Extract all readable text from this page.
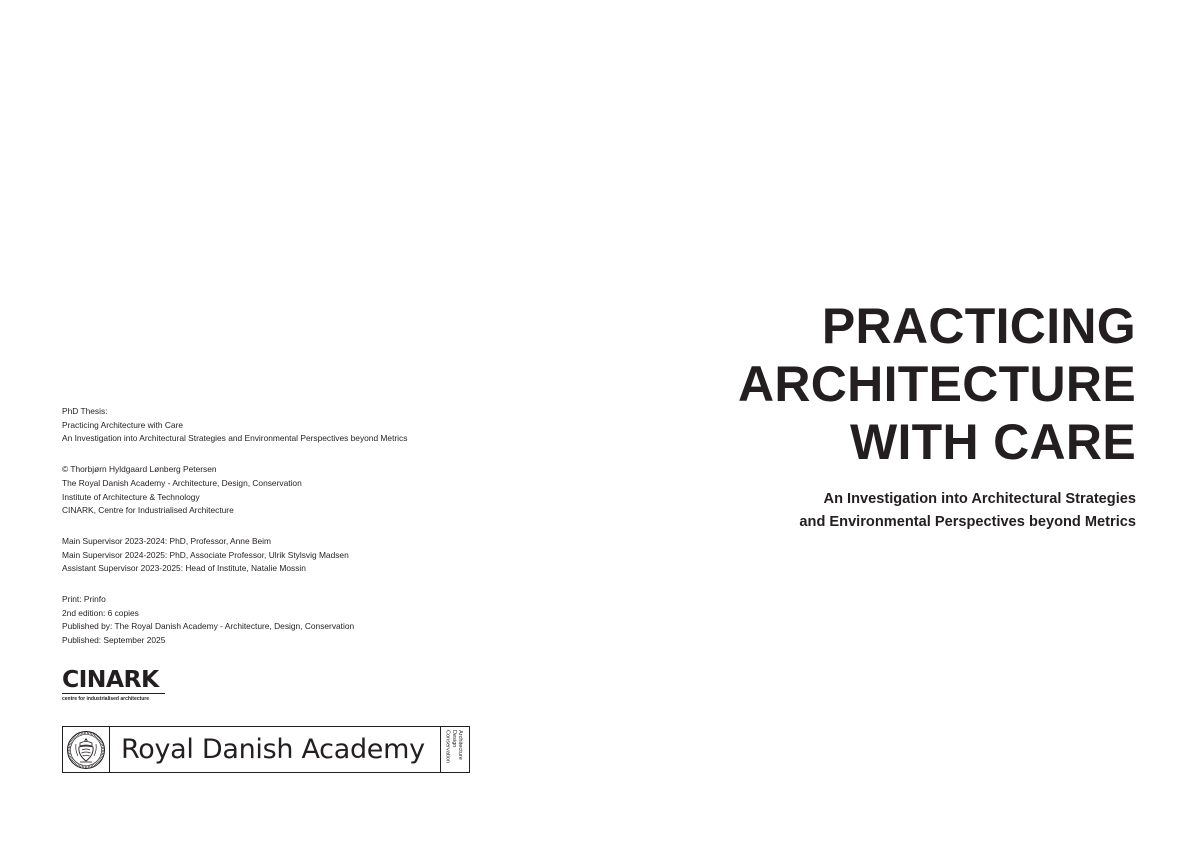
PhD Thesis:
Practicing Architecture with Care
An Investigation into Architectural Strategies and Environmental Perspectives beyond Metrics
© Thorbjørn Hyldgaard Lønberg Petersen
The Royal Danish Academy - Architecture, Design, Conservation
Institute of Architecture & Technology
CINARK, Centre for Industrialised Architecture
Main Supervisor 2023-2024: PhD, Professor, Anne Beim
Main Supervisor 2024-2025: PhD, Associate Professor, Ulrik Stylsvig Madsen
Assistant Supervisor 2023-2025: Head of Institute, Natalie Mossin
Print: Prinfo
2nd edition: 6 copies
Published by: The Royal Danish Academy - Architecture, Design, Conservation
Published: September 2025
CINARK
centre for industrialised architecture
Royal Danish Academy	Architecture
Design
Conservation
PRACTICING
ARCHITECTURE
WITH CARE
An Investigation into Architectural Strategies
and Environmental Perspectives beyond Metrics
